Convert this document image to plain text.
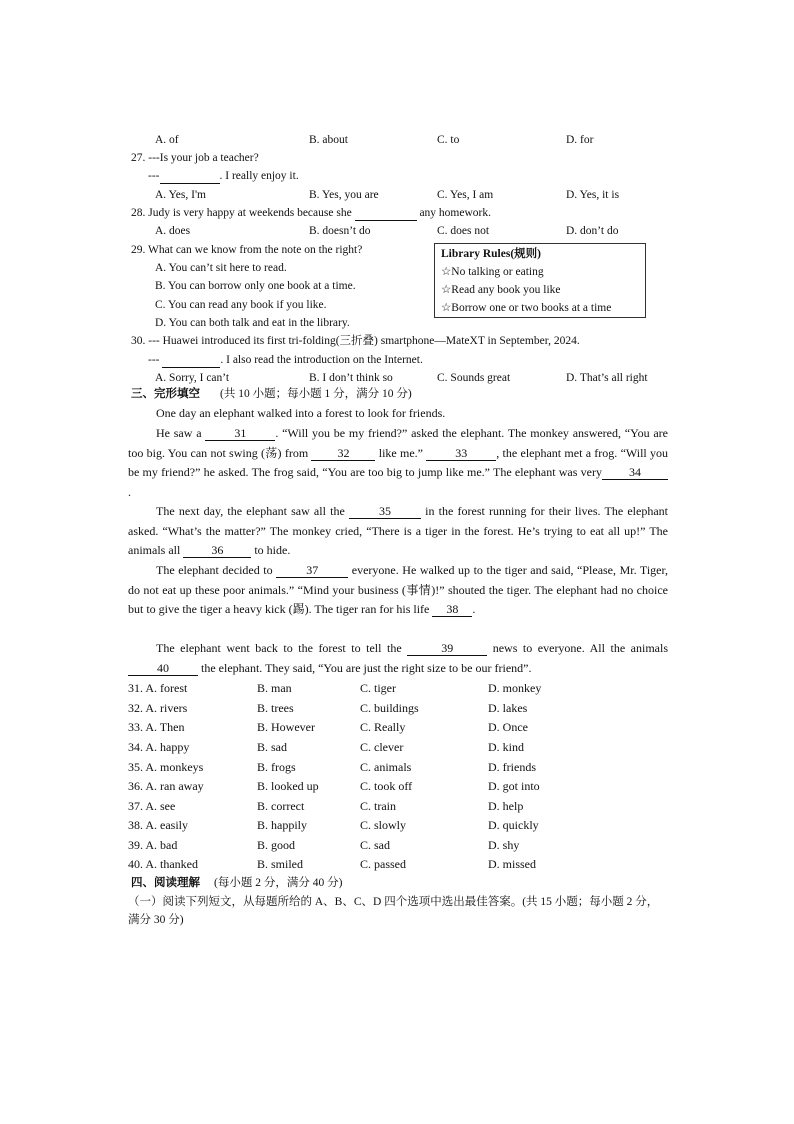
A. of	B. about	C. to	D. for
27. ---Is your job a teacher?
---	. I really enjoy it.
A. Yes, I'm	B. Yes, you are	C. Yes, I am	D. Yes, it is
28. Judy is very happy at weekends because she	any homework.
A. does	B. doesn’t do	C. does not	D. don’t do
29. What can we know from the note on the right?
A. You can’t sit here to read.
B. You can borrow only one book at a time.
C. You can read any book if you like.
D. You can both talk and eat in the library.
Library Rules(规则)
☆No talking or eating
☆Read any book you like
☆Borrow one or two books at a time
30. --- Huawei introduced its first tri-folding(三折叠) smartphone—MateXT in September, 2024.
---	. I also read the introduction on the Internet.
A. Sorry, I can’t	B. I don’t think so	C. Sounds great	D. That’s all right
三、完形填空 (共 10 小题；每小题 1 分，满分 10 分)
One day an elephant walked into a forest to look for friends.
He saw a	31 . “Will you be my friend?” asked the elephant. The monkey answered, “You are too big. You can not swing (荡) from 32 like me.”	33 , the elephant met a frog. “Will you be my friend?” he asked. The frog said, “You are too big to jump like me.” The elephant was very 34 .
The next day, the elephant saw all the	35	in the forest running for their lives. The elephant asked. “What’s the matter?” The monkey cried, “There is a tiger in the forest. He’s trying to eat all up!” The animals all	36	to hide.
The elephant decided to	37	everyone. He walked up to the tiger and said, “Please, Mr. Tiger, do not eat up these poor animals.” “Mind your business (事情)!” shouted the tiger. The elephant had no choice but to give the tiger a heavy kick (踢). The tiger ran for his life 38 .
The elephant went back to the forest to tell the	39	news to everyone. All the animals 40	the elephant. They said, “You are just the right size to be our friend”.
31. A. forest	B. man	C. tiger	D. monkey
32. A. rivers	B. trees	C. buildings	D. lakes
33. A. Then	B. However	C. Really	D. Once
34. A. happy	B. sad	C. clever	D. kind
35. A. monkeys	B. frogs	C. animals	D. friends
36. A. ran away	B. looked up	C. took off	D. got into
37. A. see	B. correct	C. train	D. help
38. A. easily	B. happily	C. slowly	D. quickly
39. A. bad	B. good	C. sad	D. shy
40. A. thanked	B. smiled	C. passed	D. missed
四、阅读理解 (每小题 2 分，满分 40 分)
（一）阅读下列短文，从每题所给的 A、B、C、D 四个选项中选出最佳答案。(共 15 小题；每小题 2 分，满分 30 分)
